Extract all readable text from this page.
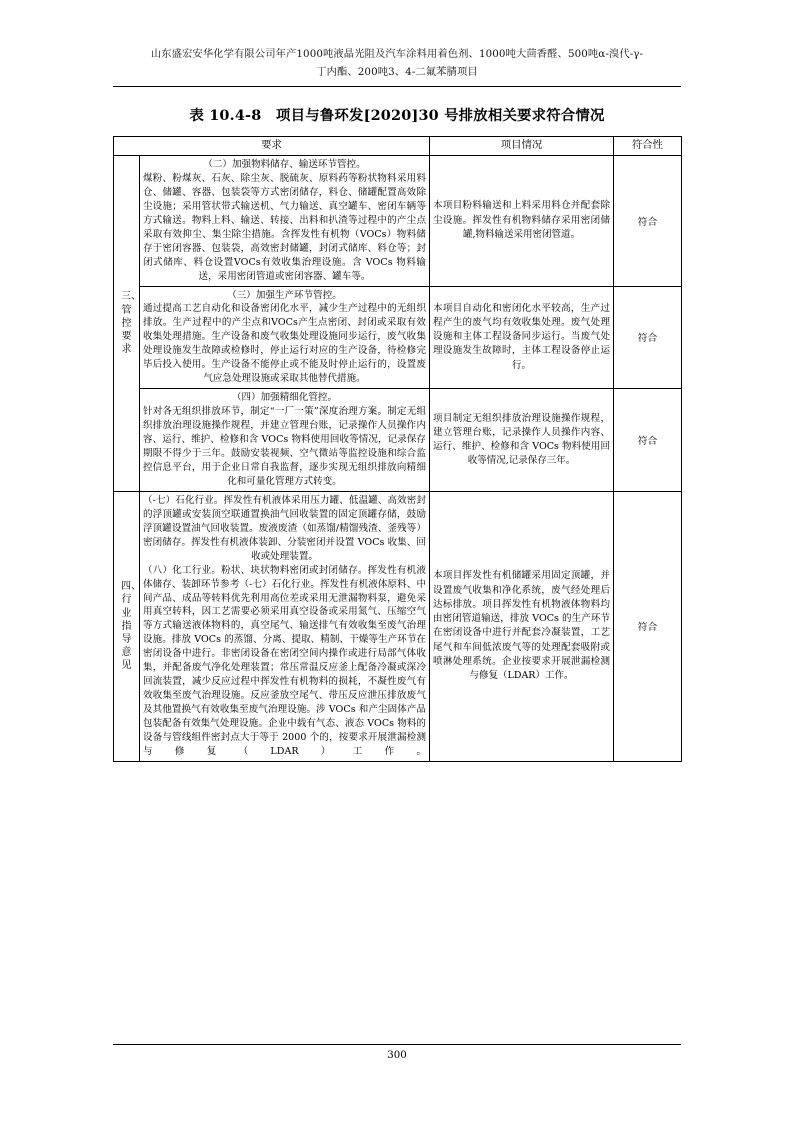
山东盛宏安华化学有限公司年产1000吨液晶光阻及汽车涂料用着色剂、1000吨大茴香醛、500吨α-溴代-γ-
丁内酯、200吨3、4-二氟苯腈项目
表 10.4-8　项目与鲁环发[2020]30 号排放相关要求符合情况
要求		项目情况	符合性
三、管控要求	（二）加强物料储存、输送环节管控。

煤粉、粉煤灰、石灰、除尘灰、脱硫灰、原料药等粉状物料采用料仓、储罐、容器、包装袋等方式密闭储存，料仓、储罐配置高效除尘设施；采用管状带式输送机、气力输送、真空罐车、密闭车辆等方式输送。物料上料、输送、转接、出料和扒渣等过程中的产尘点采取有效抑尘、集尘除尘措施。含挥发性有机物（VOCs）物料储存于密闭容器、包装袋，高效密封储罐，封闭式储库、料仓等；封闭式储库、料仓设置VOCs有效收集治理设施。含 VOCs 物料输送，采用密闭管道或密闭容器、罐车等。	本项目粉料输送和上料采用料仓并配套除尘设施。挥发性有机物料储存采用密闭储罐,物料输送采用密闭管道。	符合

	（三）加强生产环节管控。

通过提高工艺自动化和设备密闭化水平，减少生产过程中的无组织排放。生产过程中的产尘点和VOCs产生点密闭、封闭或采取有效收集处理措施。生产设备和废气收集处理设施同步运行，废气收集处理设施发生故障或检修时，停止运行对应的生产设备，待检修完毕后投入使用。生产设备不能停止或不能及时停止运行的，设置废气应急处理设施或采取其他替代措施。	本项目自动化和密闭化水平较高，生产过程产生的废气均有效收集处理。废气处理设施和主体工程设备同步运行。当废气处理设施发生故障时，主体工程设备停止运行。	符合

	（四）加强精细化管控。

针对各无组织排放环节，制定“一厂一策”深度治理方案。制定无组织排放治理设施操作规程，并建立管理台账，记录操作人员操作内容、运行、维护、检修和含 VOCs 物料使用回收等情况，记录保存期限不得少于三年。鼓励安装视频、空气微站等监控设施和综合监控信息平台，用于企业日常自我监督，逐步实现无组织排放向精细化和可量化管理方式转变。	项目制定无组织排放治理设施操作规程，建立管理台账，记录操作人员操作内容、运行、维护、检修和含 VOCs 物料使用回收等情况,记录保存三年。	符合
四、行业指导意见	（-七）石化行业。挥发性有机液体采用压力罐、低温罐、高效密封的浮顶罐或安装顶空联通置换油气回收装置的固定顶罐存储，鼓励浮顶罐设置油气回收装置。废液废渣（如蒸馏/精馏残渣、釜残等）密闭储存。挥发性有机液体装卸、分装密闭并设置 VOCs 收集、回收或处理装置。

（八）化工行业。粉状、块状物料密闭或封闭储存。挥发性有机液体储存、装卸环节参考（-七）石化行业。挥发性有机液体原料、中间产品、成品等转料优先利用高位差或采用无泄漏物料泵，避免采用真空转料，因工艺需要必须采用真空设备或采用氮气、压缩空气等方式输送液体物料的，真空尾气、输送排气有效收集至废气治理设施。排放 VOCs 的蒸馏、分离、提取、精制、干燥等生产环节在密闭设备中进行。非密闭设备在密闭空间内操作或进行局部气体收集，并配备废气净化处理装置；常压常温反应釜上配备冷凝或深冷回流装置，减少反应过程中挥发性有机物料的损耗，不凝性废气有效收集至废气治理设施。反应釜放空尾气、带压反应泄压排放废气及其他置换气有效收集至废气治理设施。涉 VOCs 和产尘固体产品包装配备有效集气处理设施。企业中载有气态、液态 VOCs 物料的设备与管线组件密封点大于等于 2000 个的，按要求开展泄漏检测与修复（LDAR）工作。	本项目挥发性有机储罐采用固定顶罐，并设置废气收集和净化系统，废气经处理后达标排放。项目挥发性有机物液体物料均由密闭管道输送，排放 VOCs 的生产环节在密闭设备中进行并配套冷凝装置，工艺尾气和车间低浓废气等的处理配套吸附或喷淋处理系统。企业按要求开展泄漏检测与修复（LDAR）工作。	符合
300
